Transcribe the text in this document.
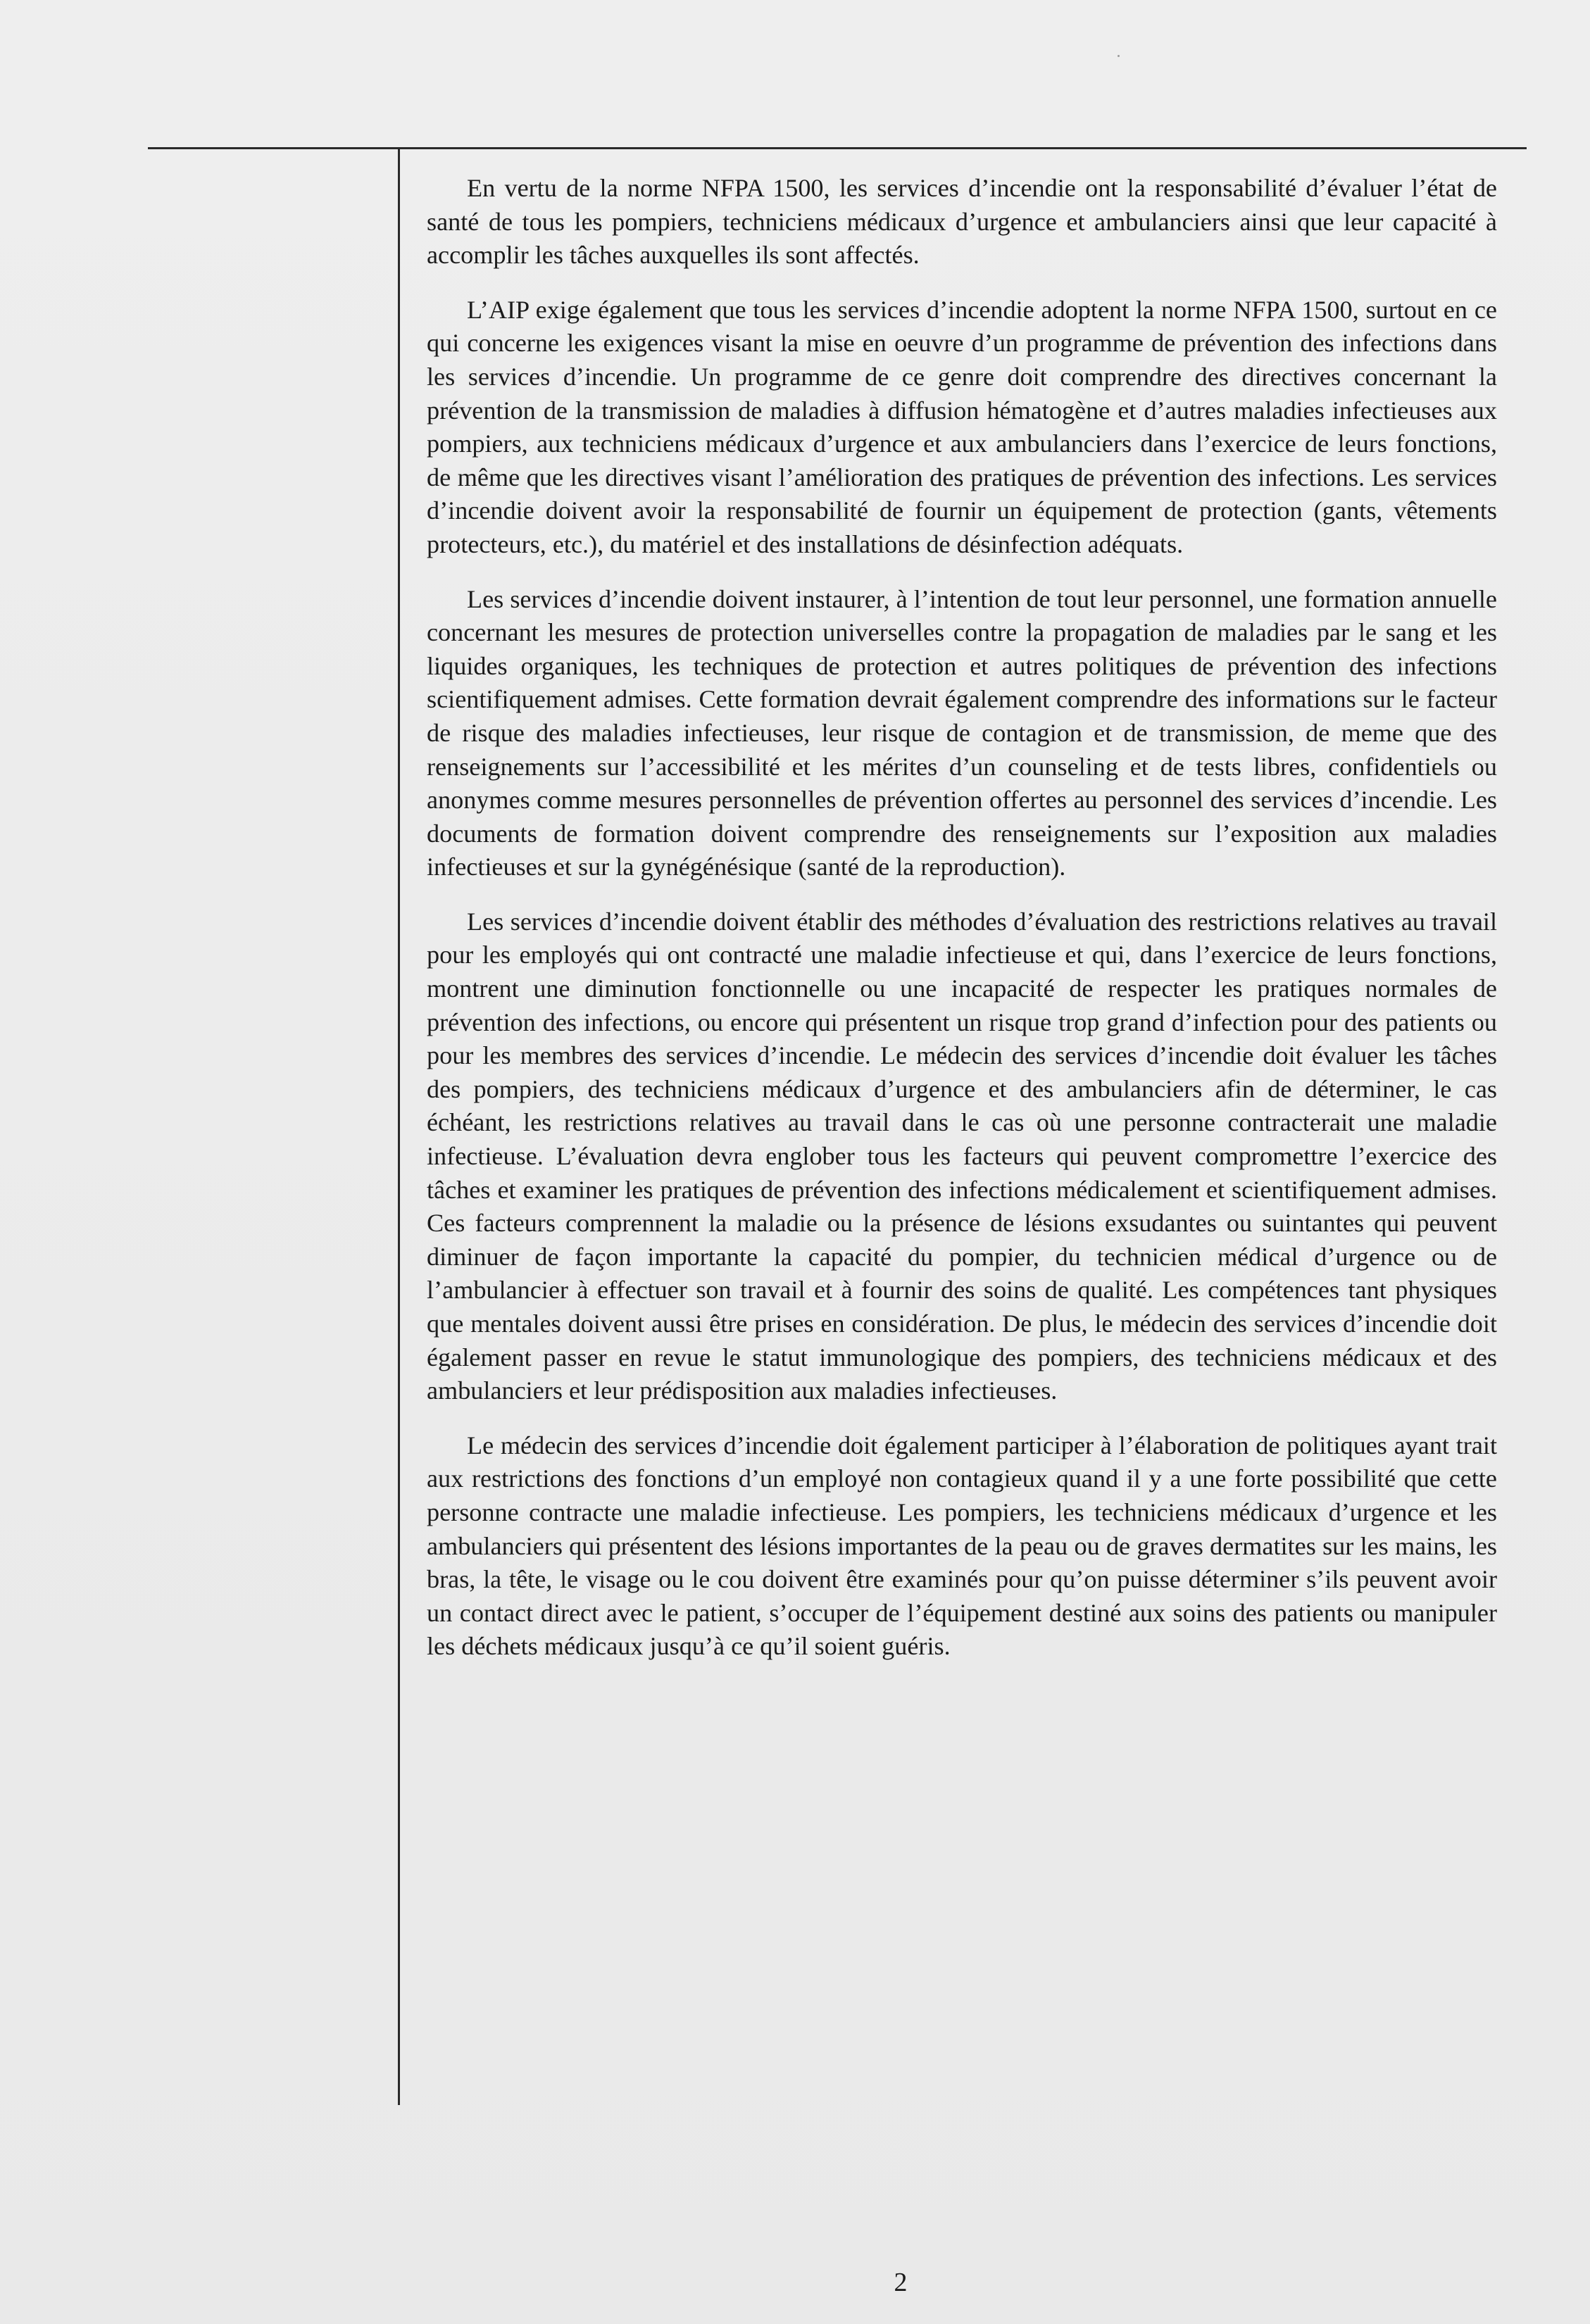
En vertu de la norme NFPA 1500, les services d’incendie ont la responsabilité d’évaluer l’état de santé de tous les pompiers, techniciens médicaux d’urgence et ambulanciers ainsi que leur capacité à accomplir les tâches auxquelles ils sont affectés.

L’AIP exige également que tous les services d’incendie adoptent la norme NFPA 1500, surtout en ce qui concerne les exigences visant la mise en oeuvre d’un programme de prévention des infections dans les services d’incendie. Un programme de ce genre doit comprendre des directives concernant la prévention de la transmission de maladies à diffusion hématogène et d’autres maladies infectieuses aux pompiers, aux techniciens médicaux d’urgence et aux ambulanciers dans l’exercice de leurs fonctions, de même que les directives visant l’amélioration des pratiques de prévention des infections. Les services d’incendie doivent avoir la responsabilité de fournir un équipement de protection (gants, vêtements protecteurs, etc.), du matériel et des installations de désinfection adéquats.

Les services d’incendie doivent instaurer, à l’intention de tout leur personnel, une formation annuelle concernant les mesures de protection universelles contre la propagation de maladies par le sang et les liquides organiques, les techniques de protection et autres politiques de prévention des infections scientifiquement admises. Cette formation devrait également comprendre des informations sur le facteur de risque des maladies infectieuses, leur risque de contagion et de transmission, de meme que des renseignements sur l’accessibilité et les mérites d’un counseling et de tests libres, confidentiels ou anonymes comme mesures personnelles de prévention offertes au personnel des services d’incendie. Les documents de formation doivent comprendre des renseignements sur l’exposition aux maladies infectieuses et sur la gynégénésique (santé de la reproduction).

Les services d’incendie doivent établir des méthodes d’évaluation des restrictions relatives au travail pour les employés qui ont contracté une maladie infectieuse et qui, dans l’exercice de leurs fonctions, montrent une diminution fonctionnelle ou une incapacité de respecter les pratiques normales de prévention des infections, ou encore qui présentent un risque trop grand d’infection pour des patients ou pour les membres des services d’incendie. Le médecin des services d’incendie doit évaluer les tâches des pompiers, des techniciens médicaux d’urgence et des ambulanciers afin de déterminer, le cas échéant, les restrictions relatives au travail dans le cas où une personne contracterait une maladie infectieuse. L’évaluation devra englober tous les facteurs qui peuvent compromettre l’exercice des tâches et examiner les pratiques de prévention des infections médicalement et scientifiquement admises. Ces facteurs comprennent la maladie ou la présence de lésions exsudantes ou suintantes qui peuvent diminuer de façon importante la capacité du pompier, du technicien médical d’urgence ou de l’ambulancier à effectuer son travail et à fournir des soins de qualité. Les compétences tant physiques que mentales doivent aussi être prises en considération. De plus, le médecin des services d’incendie doit également passer en revue le statut immunologique des pompiers, des techniciens médicaux et des ambulanciers et leur prédisposition aux maladies infectieuses.

Le médecin des services d’incendie doit également participer à l’élaboration de politiques ayant trait aux restrictions des fonctions d’un employé non contagieux quand il y a une forte possibilité que cette personne contracte une maladie infectieuse. Les pompiers, les techniciens médicaux d’urgence et les ambulanciers qui présentent des lésions importantes de la peau ou de graves dermatites sur les mains, les bras, la tête, le visage ou le cou doivent être examinés pour qu’on puisse déterminer s’ils peuvent avoir un contact direct avec le patient, s’occuper de l’équipement destiné aux soins des patients ou manipuler les déchets médicaux jusqu’à ce qu’il soient guéris.

2
